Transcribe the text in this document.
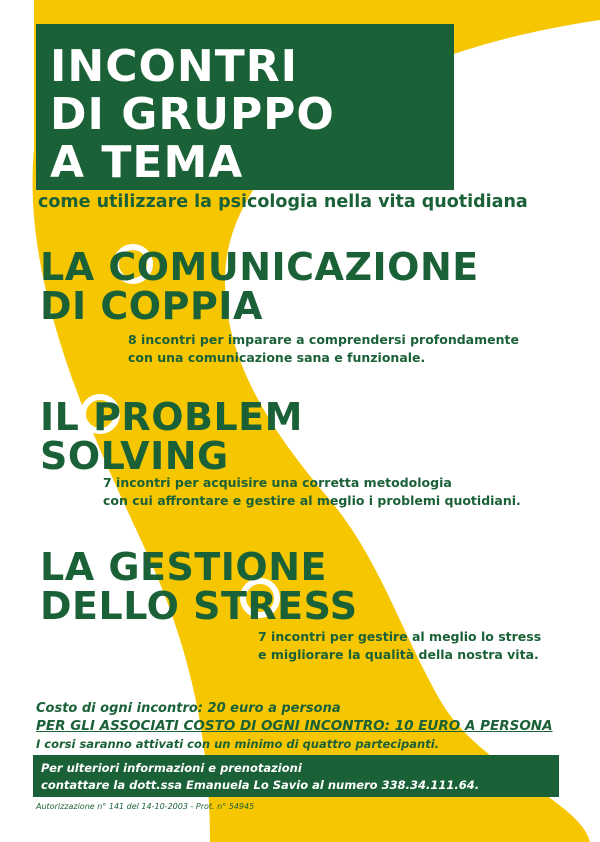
INCONTRI
DI GRUPPO
A TEMA
come utilizzare la psicologia nella vita quotidiana
LA COMUNICAZIONE
DI COPPIA
8 incontri per imparare a comprendersi profondamente
con una comunicazione sana e funzionale.
IL PROBLEM
SOLVING
7 incontri per acquisire una corretta metodologia
con cui affrontare e gestire al meglio i problemi quotidiani.
LA GESTIONE
DELLO STRESS
7 incontri per gestire al meglio lo stress
e migliorare la qualità della nostra vita.
Costo di ogni incontro: 20 euro a persona
PER GLI ASSOCIATI COSTO DI OGNI INCONTRO: 10 EURO A PERSONA
I corsi saranno attivati con un minimo di quattro partecipanti.
Per ulteriori informazioni e prenotazioni
contattare la dott.ssa Emanuela Lo Savio al numero 338.34.111.64.
Autorizzazione n° 141 del 14-10-2003 - Prot. n° 54945
